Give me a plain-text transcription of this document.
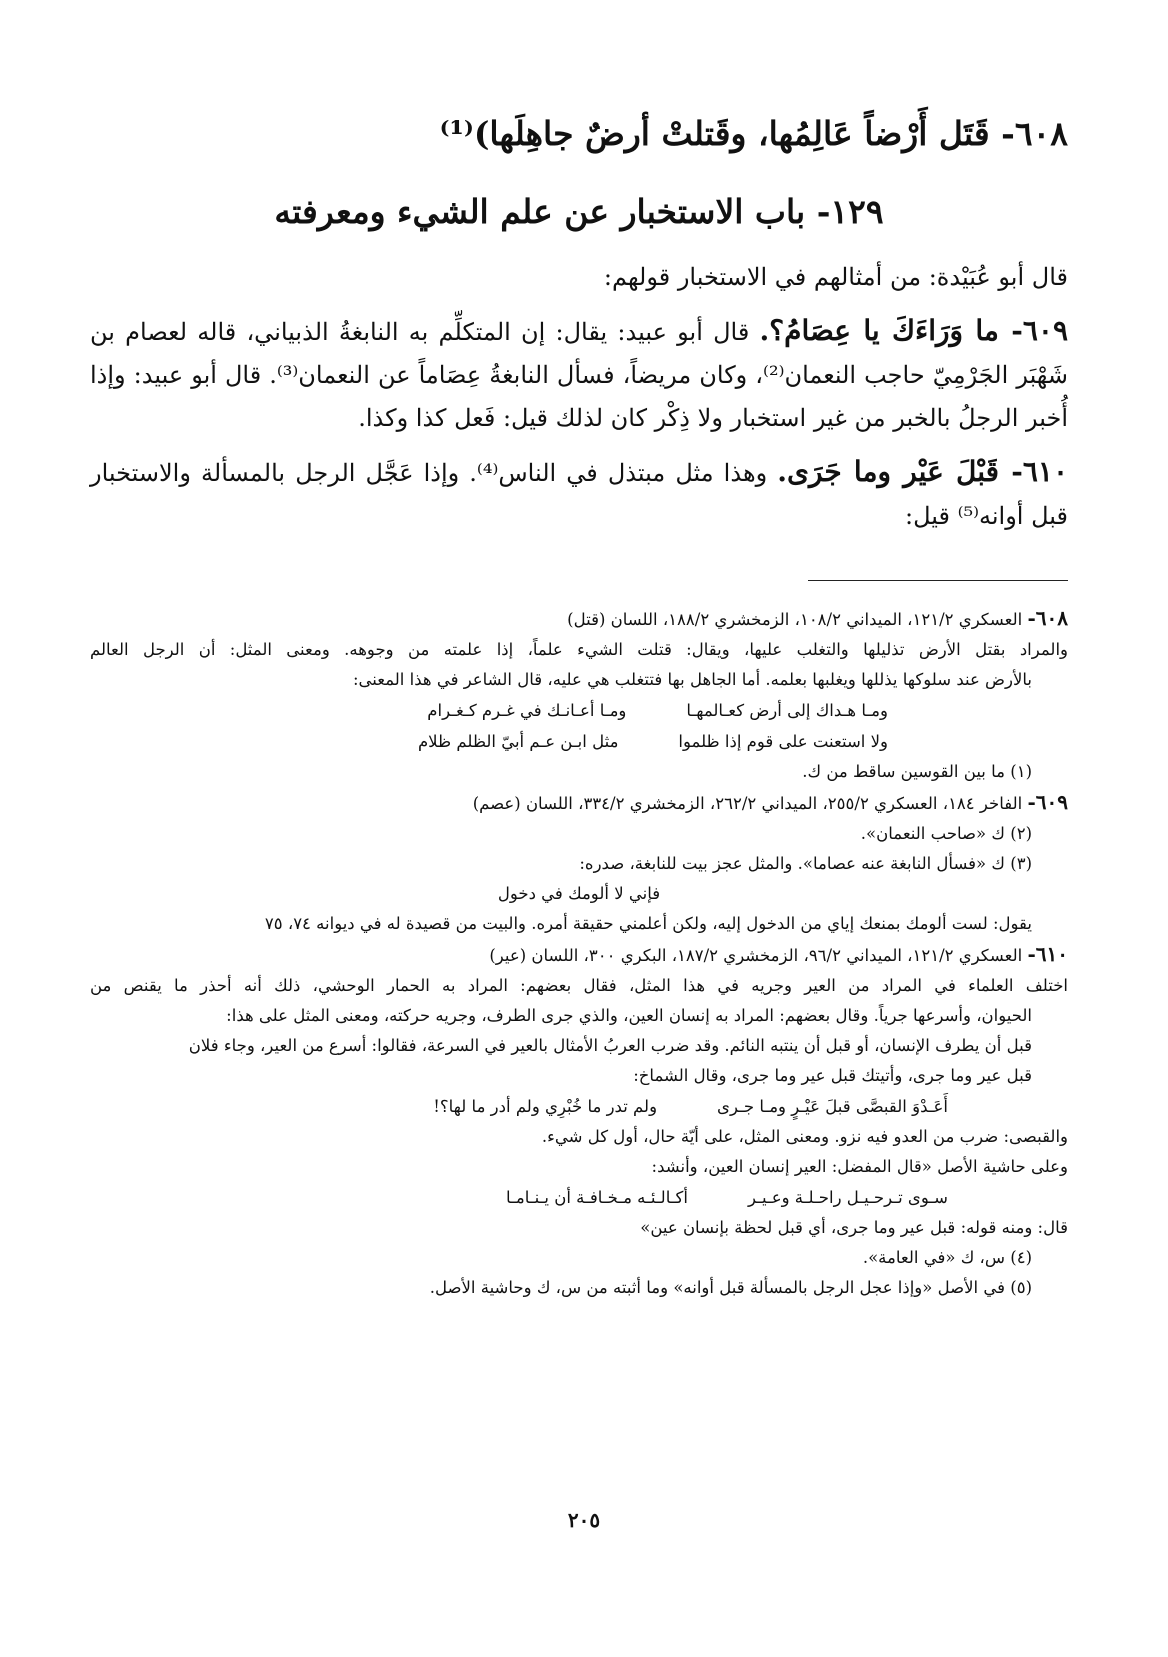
٦٠٨- قَتَل أَرْضاً عَالِمُها، وقَتلتْ أرضٌ جاهِلَها)⁽¹⁾
١٢٩- باب الاستخبار عن علم الشيء ومعرفته

قال أبو عُبَيْدة: من أمثالهم في الاستخبار قولهم:

٦٠٩- ما وَرَاءَكَ يا عِصَامُ؟. قال أبو عبيد: يقال: إن المتكلِّم به النابغةُ الذبياني، قاله لعصام بن شَهْبَر الجَرْمِيّ حاجب النعمان⁽²⁾، وكان مريضاً، فسأل النابغةُ عِصَاماً عن النعمان⁽³⁾. قال أبو عبيد: وإذا أُخبر الرجلُ بالخبر من غير استخبار ولا ذِكْر كان لذلك قيل: فَعل كذا وكذا.

٦١٠- قَبْلَ عَيْر وما جَرَى. وهذا مثل مبتذل في الناس⁽⁴⁾. وإذا عَجَّل الرجل بالمسألة والاستخبار قبل أوانه⁽⁵⁾ قيل:

٦٠٨- العسكري ١٢١/٢، الميداني ١٠٨/٢، الزمخشري ١٨٨/٢، اللسان (قتل)

والمراد بقتل الأرض تذليلها والتغلب عليها، ويقال: قتلت الشيء علماً، إذا علمته من وجوهه. ومعنى المثل: أن الرجل العالم

بالأرض عند سلوكها يذللها ويغلبها بعلمه. أما الجاهل بها فتتغلب هي عليه، قال الشاعر في هذا المعنى:

ومـا هـداك إلى أرض كعـالمهـا
ومـا أعـانـك في غـرم كـغـرام
ولا استعنت على قوم إذا ظلموا
مثل ابـن عـم أبيّ الظلم ظلام

(١) ما بين القوسين ساقط من ك.

٦٠٩- الفاخر ١٨٤، العسكري ٢٥٥/٢، الميداني ٢٦٢/٢، الزمخشري ٣٣٤/٢، اللسان (عصم)

(٢) ك «صاحب النعمان».

(٣) ك «فسأل النابغة عنه عصاما». والمثل عجز بيت للنابغة، صدره:

فإني لا ألومك في دخول

يقول: لست ألومك بمنعك إياي من الدخول إليه، ولكن أعلمني حقيقة أمره. والبيت من قصيدة له في ديوانه ٧٤، ٧٥

٦١٠- العسكري ١٢١/٢، الميداني ٩٦/٢، الزمخشري ١٨٧/٢، البكري ٣٠٠، اللسان (عير)

اختلف العلماء في المراد من العير وجريه في هذا المثل، فقال بعضهم: المراد به الحمار الوحشي، ذلك أنه أحذر ما يقنص من

الحيوان، وأسرعها جرياً. وقال بعضهم: المراد به إنسان العين، والذي جرى الطرف، وجريه حركته، ومعنى المثل على هذا:

قبل أن يطرف الإنسان، أو قبل أن ينتبه النائم. وقد ضرب العربُ الأمثال بالعير في السرعة، فقالوا: أسرع من العير، وجاء فلان

قبل عير وما جرى، وأتيتك قبل عير وما جرى، وقال الشماخ:

أَعَـدْوَ القبصَّى قبلَ عَيْـرٍ ومـا جـرى
ولم تدر ما خُبْرِي ولم أدر ما لها؟!

والقبصى: ضرب من العدو فيه نزو. ومعنى المثل، على أيّة حال، أول كل شيء.

وعلى حاشية الأصل «قال المفضل: العير إنسان العين، وأنشد:

سـوى تـرحـيـل راحـلـة وعـيـر
أكـالـئـه مـخـافـة أن يـنـامـا

قال: ومنه قوله: قبل عير وما جرى، أي قبل لحظة بإنسان عين»

(٤) س، ك «في العامة».

(٥) في الأصل «وإذا عجل الرجل بالمسألة قبل أوانه» وما أثبته من س، ك وحاشية الأصل.

٢٠٥
